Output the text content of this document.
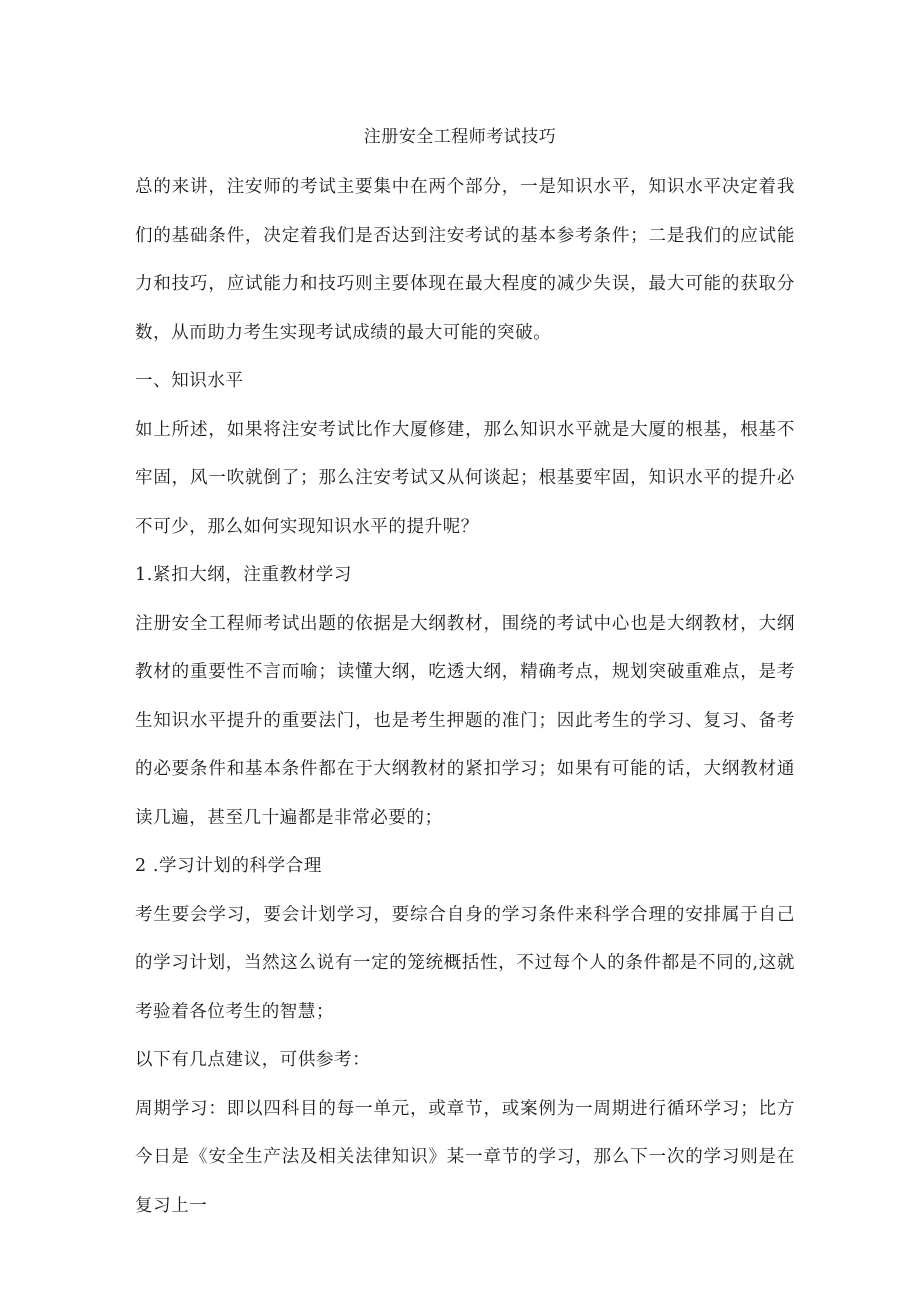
注册安全工程师考试技巧

总的来讲，注安师的考试主要集中在两个部分，一是知识水平，知识水平决定着我们的基础条件，决定着我们是否达到注安考试的基本参考条件；二是我们的应试能力和技巧，应试能力和技巧则主要体现在最大程度的减少失误，最大可能的获取分数，从而助力考生实现考试成绩的最大可能的突破。

一、知识水平

如上所述，如果将注安考试比作大厦修建，那么知识水平就是大厦的根基，根基不牢固，风一吹就倒了；那么注安考试又从何谈起；根基要牢固，知识水平的提升必不可少，那么如何实现知识水平的提升呢？

1.紧扣大纲，注重教材学习

注册安全工程师考试出题的依据是大纲教材，围绕的考试中心也是大纲教材，大纲教材的重要性不言而喻；读懂大纲，吃透大纲，精确考点，规划突破重难点，是考生知识水平提升的重要法门，也是考生押题的准门；因此考生的学习、复习、备考的必要条件和基本条件都在于大纲教材的紧扣学习；如果有可能的话，大纲教材通读几遍，甚至几十遍都是非常必要的；

2 .学习计划的科学合理

考生要会学习，要会计划学习，要综合自身的学习条件来科学合理的安排属于自己的学习计划，当然这么说有一定的笼统概括性，不过每个人的条件都是不同的,这就考验着各位考生的智慧；

以下有几点建议，可供参考：

周期学习：即以四科目的每一单元，或章节，或案例为一周期进行循环学习；比方今日是《安全生产法及相关法律知识》某一章节的学习，那么下一次的学习则是在复习上一
